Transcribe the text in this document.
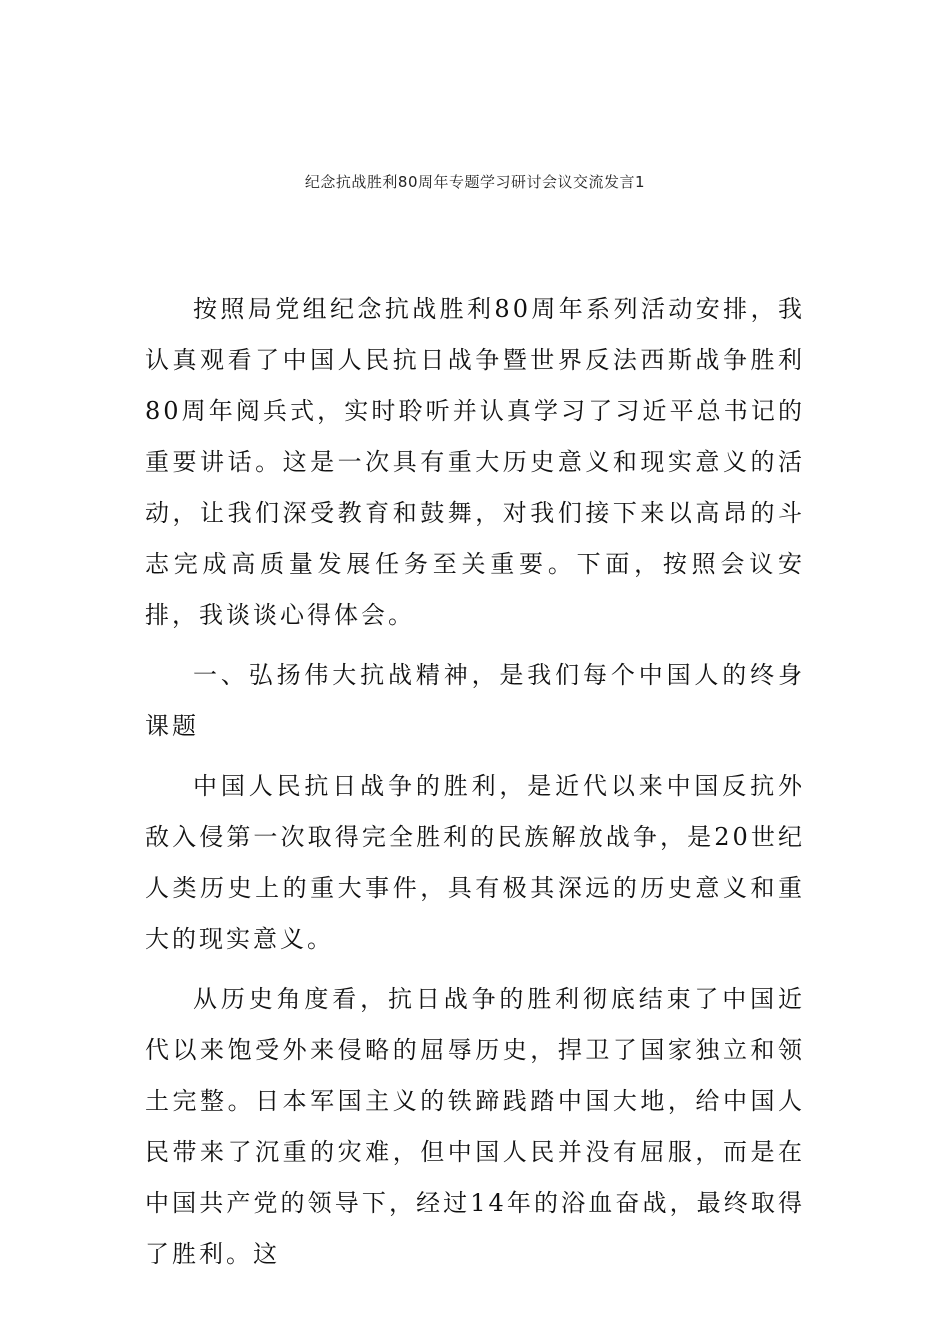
纪念抗战胜利80周年专题学习研讨会议交流发言1

按照局党组纪念抗战胜利80周年系列活动安排，我认真观看了中国人民抗日战争暨世界反法西斯战争胜利80周年阅兵式，实时聆听并认真学习了习近平总书记的重要讲话。这是一次具有重大历史意义和现实意义的活动，让我们深受教育和鼓舞，对我们接下来以高昂的斗志完成高质量发展任务至关重要。下面，按照会议安排，我谈谈心得体会。

一、弘扬伟大抗战精神，是我们每个中国人的终身课题

中国人民抗日战争的胜利，是近代以来中国反抗外敌入侵第一次取得完全胜利的民族解放战争，是20世纪人类历史上的重大事件，具有极其深远的历史意义和重大的现实意义。

从历史角度看，抗日战争的胜利彻底结束了中国近代以来饱受外来侵略的屈辱历史，捍卫了国家独立和领土完整。日本军国主义的铁蹄践踏中国大地，给中国人民带来了沉重的灾难，但中国人民并没有屈服，而是在中国共产党的领导下，经过14年的浴血奋战，最终取得了胜利。这
